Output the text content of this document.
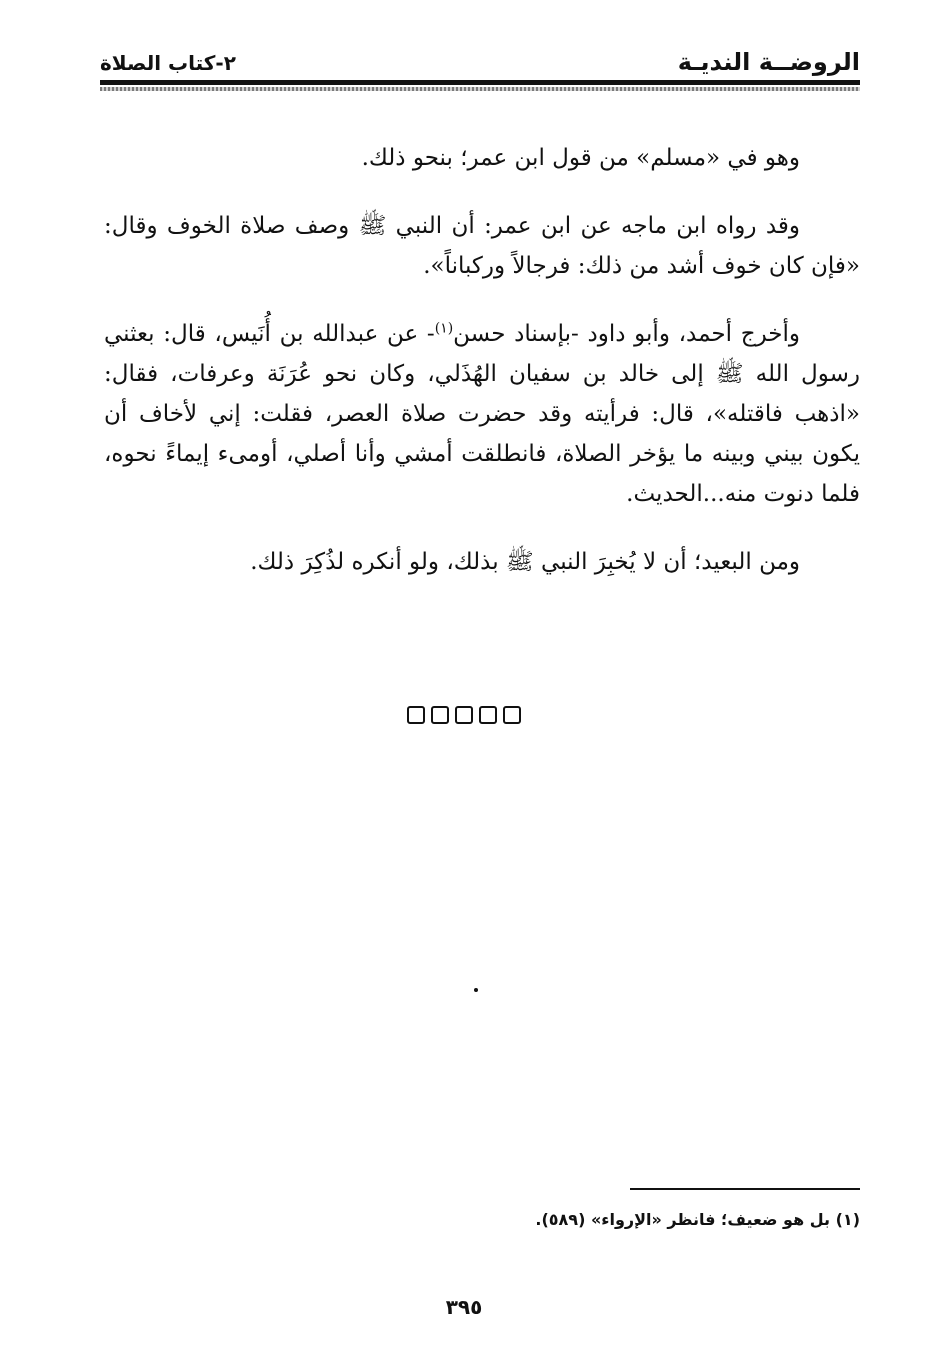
الروضــة النديـة
٢-كتاب الصلاة

وهو في «مسلم» من قول ابن عمر؛ بنحو ذلك.

وقد رواه ابن ماجه عن ابن عمر: أن النبي ﷺ وصف صلاة الخوف وقال: «فإن كان خوف أشد من ذلك: فرجالاً وركباناً».

وأخرج أحمد، وأبو داود -بإسناد حسن$^{(١)}$- عن عبدالله بن أُنَيس، قال: بعثني رسول الله ﷺ إلى خالد بن سفيان الهُذَلي، وكان نحو عُرَنَة وعرفات، فقال: «اذهب فاقتله»، قال: فرأيته وقد حضرت صلاة العصر، فقلت: إني لأخاف أن يكون بيني وبينه ما يؤخر الصلاة، فانطلقت أمشي وأنا أصلي، أومىء إيماءً نحوه، فلما دنوت منه...الحديث.

ومن البعيد؛ أن لا يُخبِرَ النبي ﷺ بذلك، ولو أنكره لذُكِرَ ذلك.

(١) بل هو ضعيف؛ فانظر «الإرواء» (٥٨٩).
٣٩٥
